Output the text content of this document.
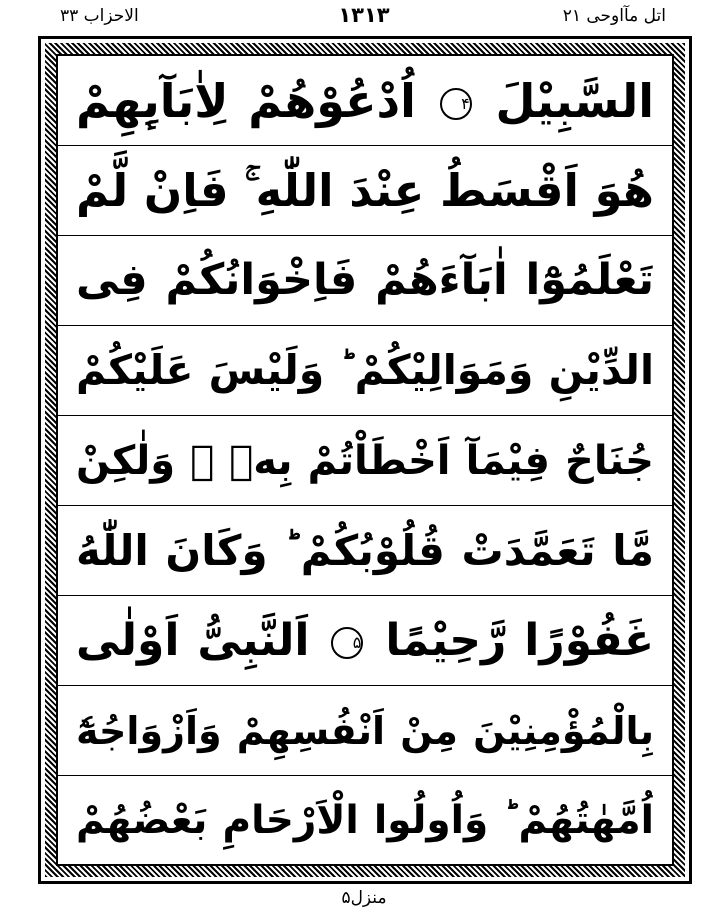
الاحزاب ۳۳	۱۳۱۳	اتل مآاوحی ۲۱
السَّبِيْلَ ۴ اُدْعُوْهُمْ لِاٰبَآىِٕهِمْ
هُوَ اَقْسَطُ عِنْدَ اللّٰهِ ۚ فَاِنْ لَّمْ
تَعْلَمُوْٓا اٰبَآءَهُمْ فَاِخْوَانُكُمْ فِى
الدِّيْنِ وَمَوَالِيْكُمْ ؕ وَلَيْسَ عَلَيْكُمْ
جُنَاحٌ فِيْمَآ اَخْطَاْتُمْ بِهٖ ۙ وَلٰكِنْ
مَّا تَعَمَّدَتْ قُلُوْبُكُمْ ؕ وَكَانَ اللّٰهُ
غَفُوْرًا رَّحِيْمًا ۵ اَلنَّبِىُّ اَوْلٰى
بِالْمُؤْمِنِيْنَ مِنْ اَنْفُسِهِمْ وَاَزْوَاجُهٗٓ
اُمَّهٰتُهُمْ ؕ وَاُولُوا الْاَرْحَامِ بَعْضُهُمْ
منزل۵
